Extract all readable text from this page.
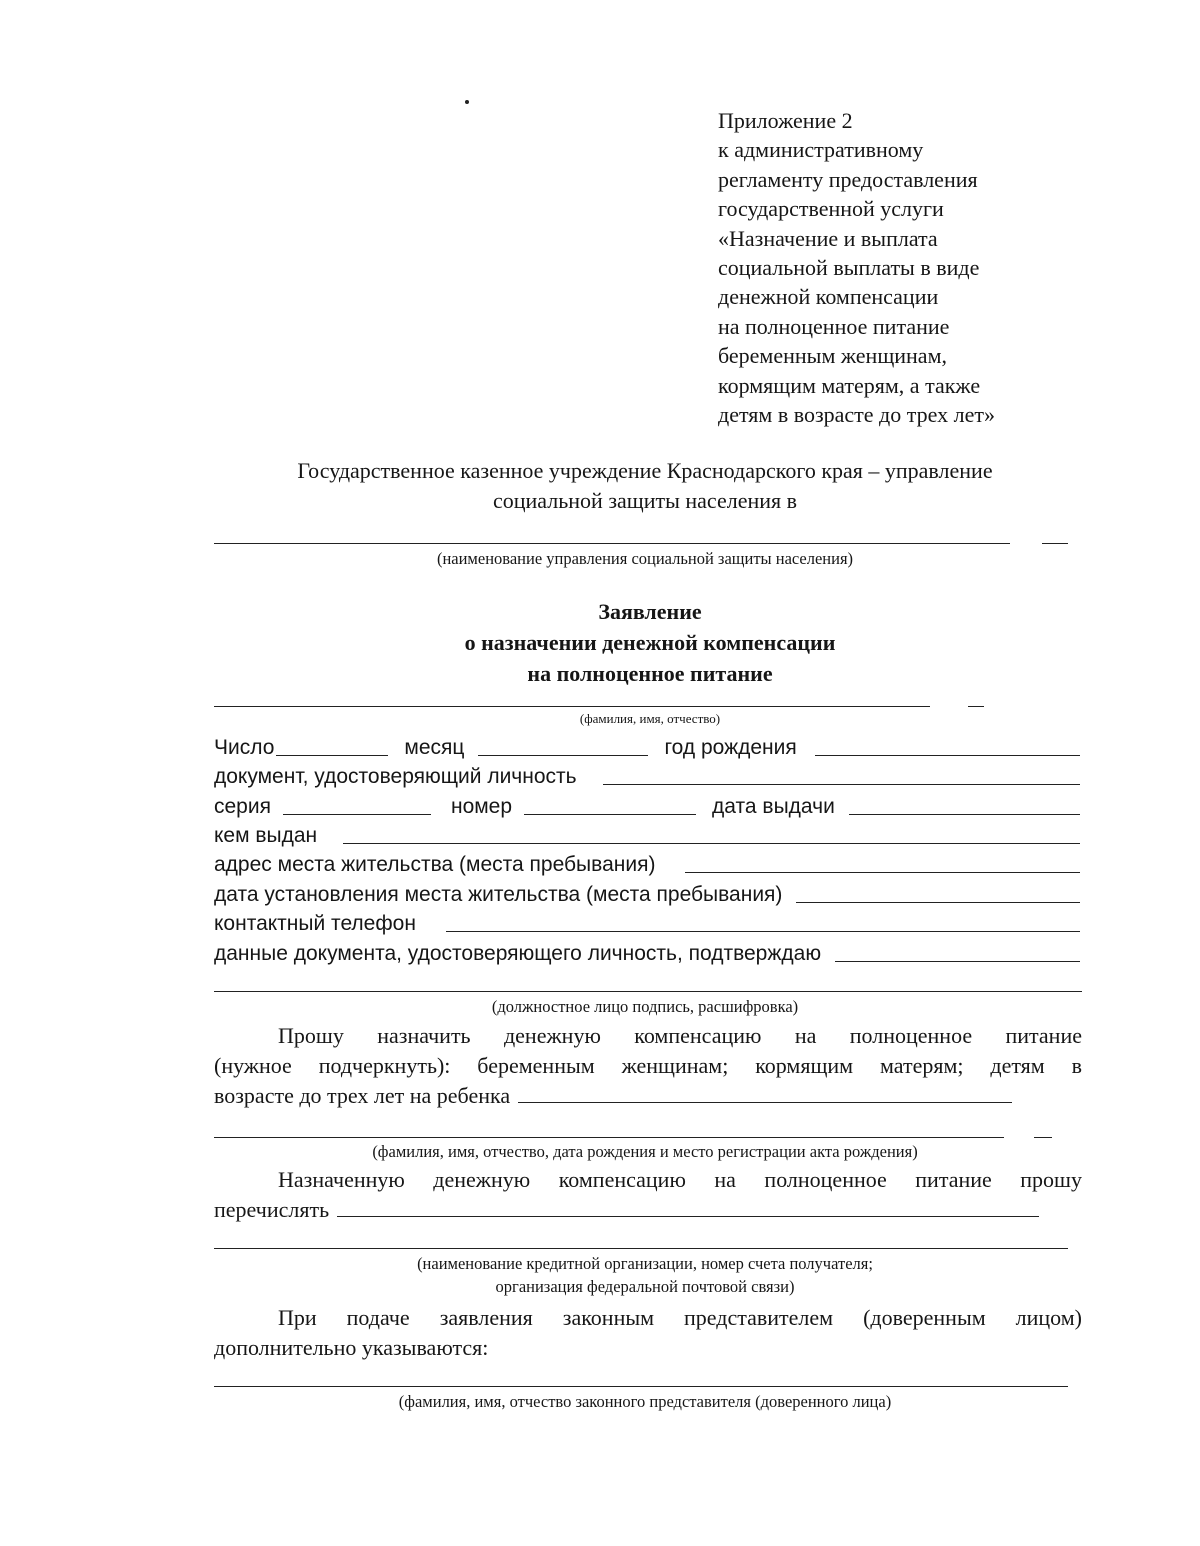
Приложение 2
к административному
регламенту предоставления
государственной услуги
«Назначение и выплата
социальной выплаты в виде
денежной компенсации
на полноценное питание
беременным женщинам,
кормящим матерям, а также
детям в возрасте до трех лет»
Государственное казенное учреждение Краснодарского края – управление
социальной защиты населения в
(наименование управления социальной защиты населения)
Заявление
о назначении денежной компенсации
на полноценное питание
(фамилия, имя, отчество)
Число	месяц	год рождения
документ, удостоверяющий личность
серия	номер	дата выдачи
кем выдан
адрес места жительства (места пребывания)
дата установления места жительства (места пребывания)
контактный телефон
данные документа, удостоверяющего личность, подтверждаю
(должностное лицо подпись, расшифровка)
Прошу назначить денежную компенсацию на полноценное питание
(нужное подчеркнуть): беременным женщинам; кормящим матерям; детям в
возрасте до трех лет на ребенка
(фамилия, имя, отчество, дата рождения и место регистрации акта рождения)
Назначенную денежную компенсацию на полноценное питание прошу
перечислять
(наименование кредитной организации, номер счета получателя;
организация федеральной почтовой связи)
При подаче заявления законным представителем (доверенным лицом)
дополнительно указываются:
(фамилия, имя, отчество законного представителя (доверенного лица)
